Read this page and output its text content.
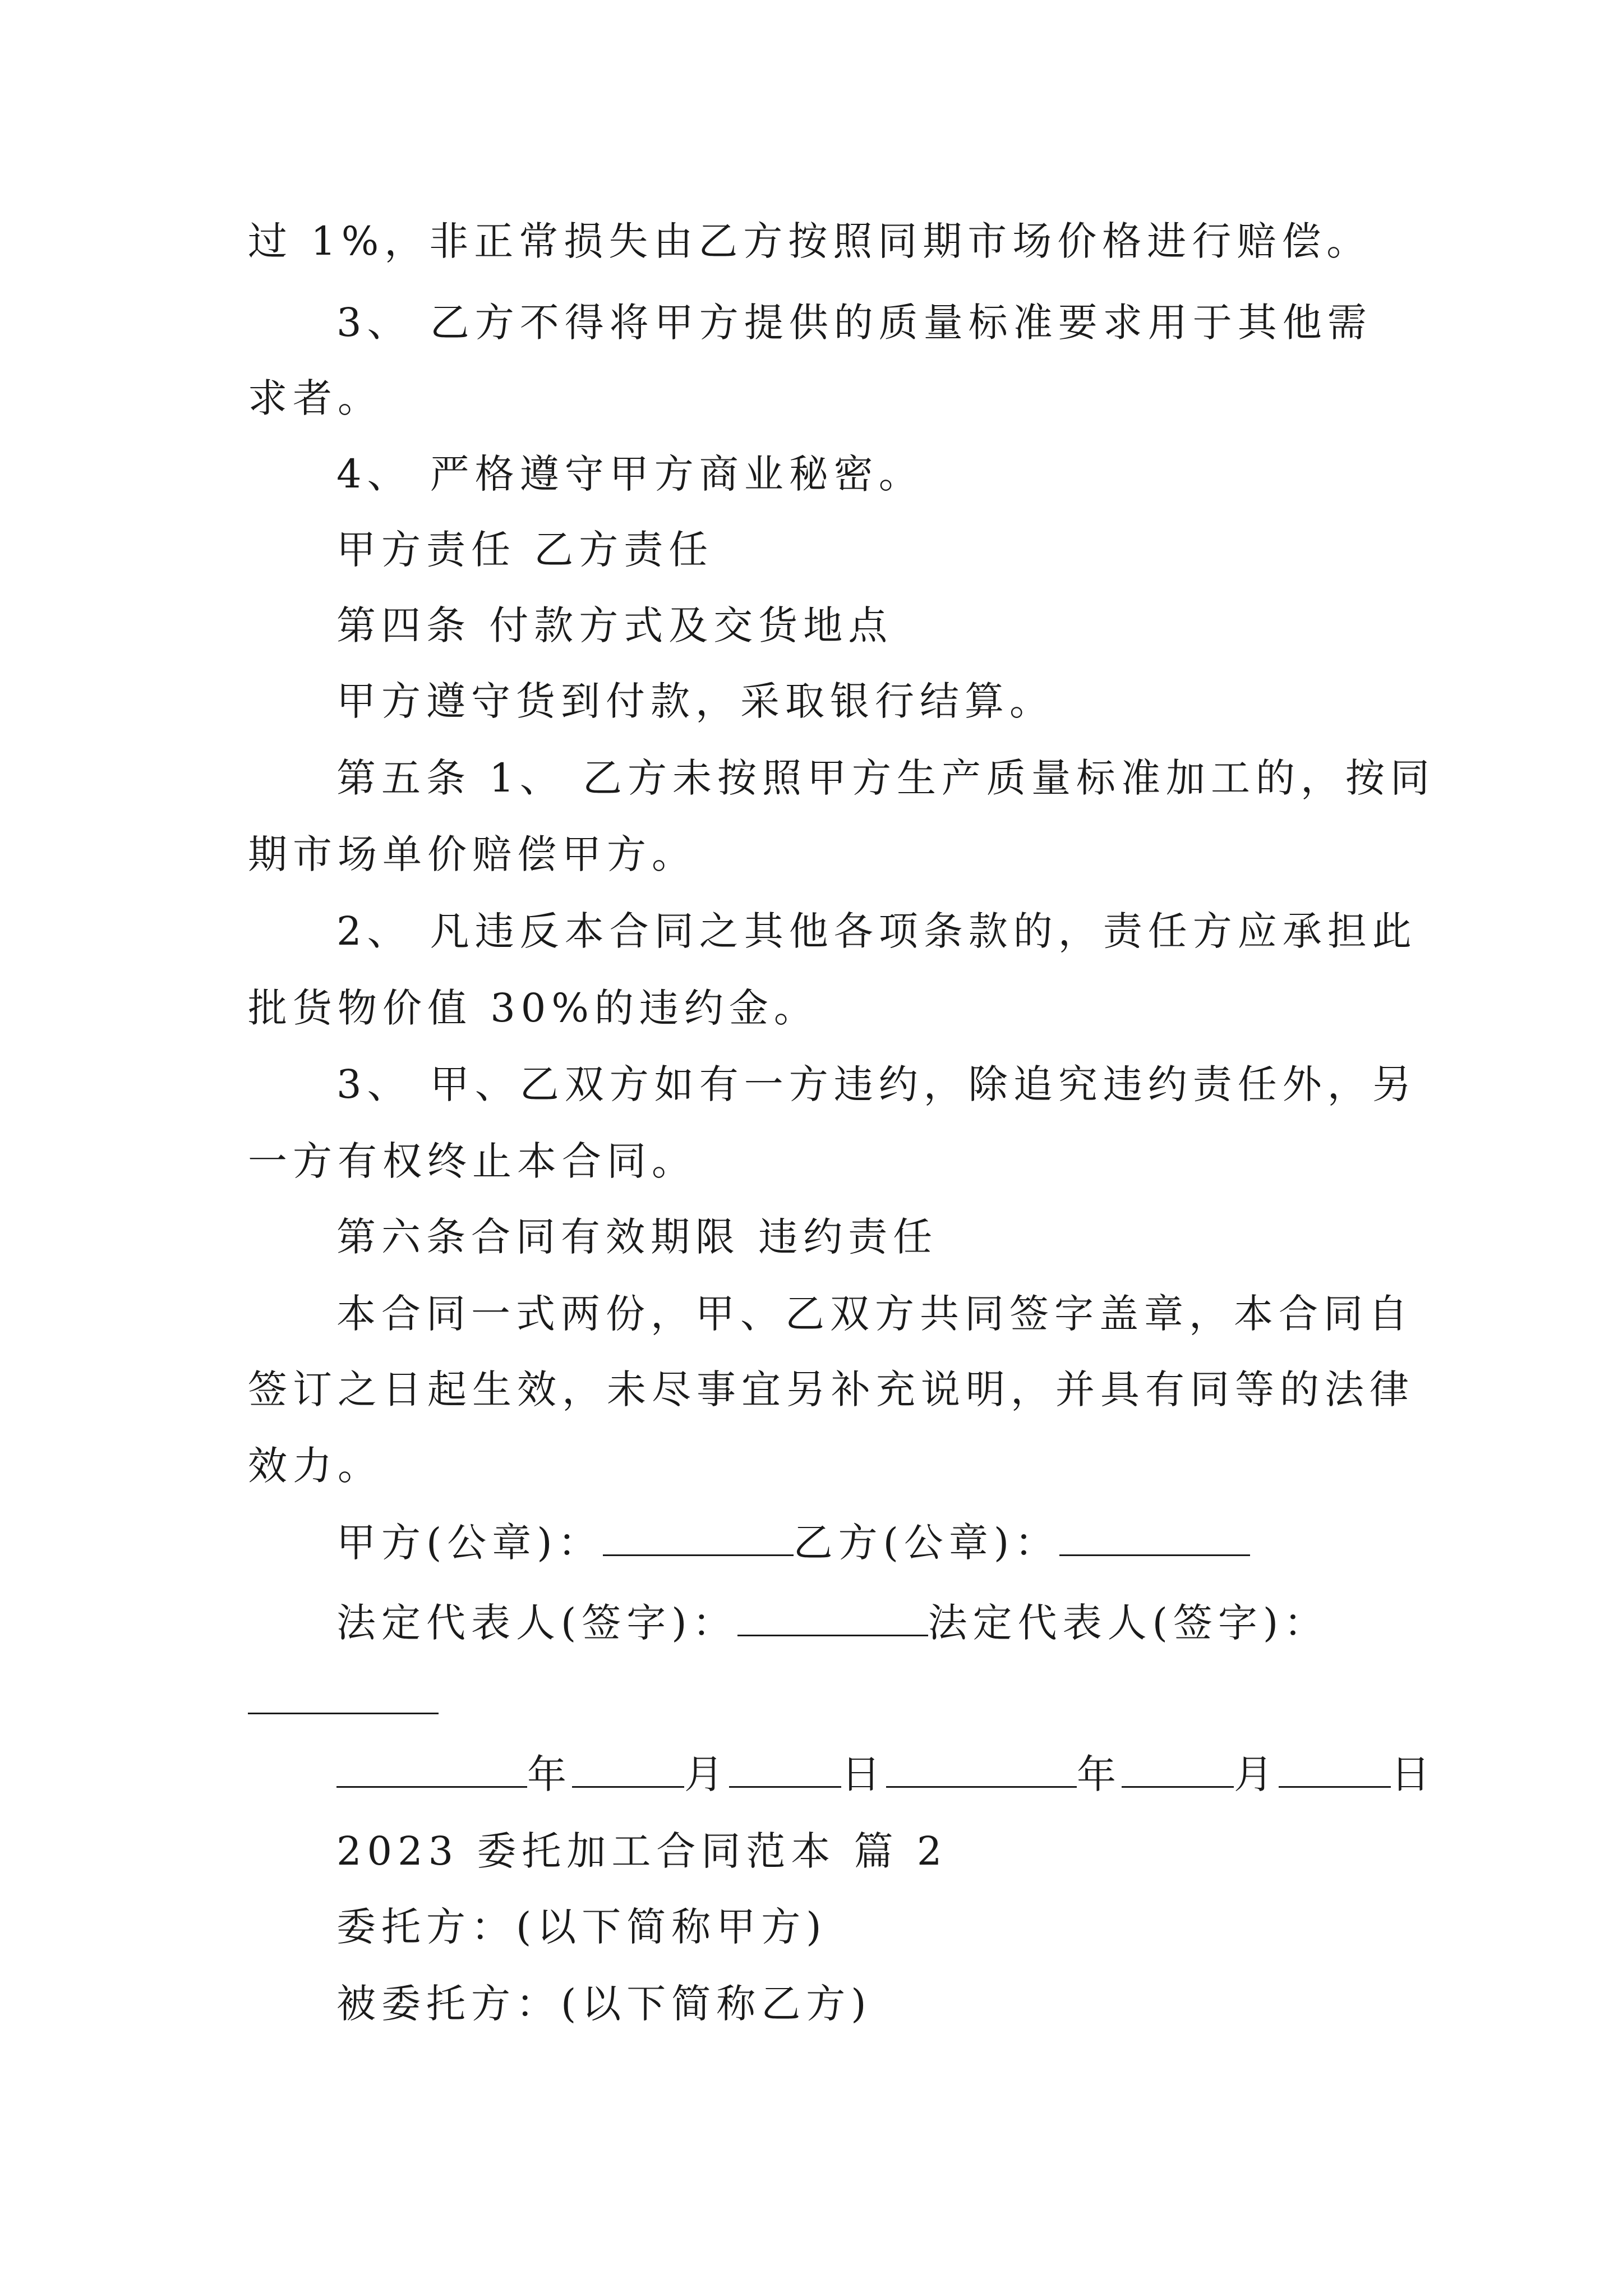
过 1%，非正常损失由乙方按照同期市场价格进行赔偿。
3、 乙方不得将甲方提供的质量标准要求用于其他需
求者。
4、 严格遵守甲方商业秘密。
甲方责任 乙方责任
第四条 付款方式及交货地点
甲方遵守货到付款，采取银行结算。
第五条 1、 乙方未按照甲方生产质量标准加工的，按同
期市场单价赔偿甲方。
2、 凡违反本合同之其他各项条款的，责任方应承担此
批货物价值 30%的违约金。
3、 甲、乙双方如有一方违约，除追究违约责任外，另
一方有权终止本合同。
第六条合同有效期限 违约责任
本合同一式两份，甲、乙双方共同签字盖章，本合同自
签订之日起生效，未尽事宜另补充说明，并具有同等的法律
效力。
甲方(公章)：	乙方(公章)：
法定代表人(签字)：	法定代表人(签字)：
年	月	日	年	月	日
2023 委托加工合同范本 篇 2
委托方：(以下简称甲方)
被委托方：(以下简称乙方)
